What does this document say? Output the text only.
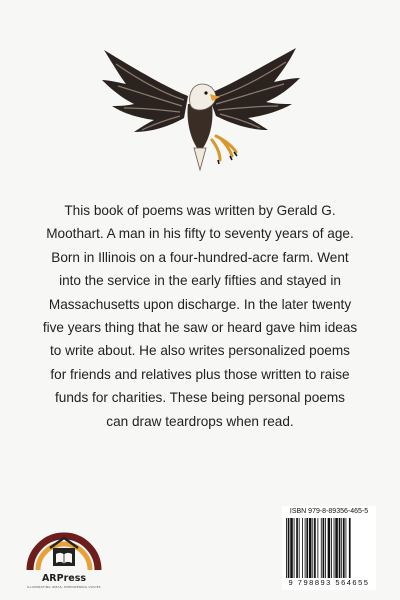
This book of poems was written by Gerald G.
Moothart. A man in his fifty to seventy years of age.
Born in Illinois on a four-hundred-acre farm. Went
into the service in the early fifties and stayed in
Massachusetts upon discharge. In the later twenty
five years thing that he saw or heard gave him ideas
to write about. He also writes personalized poems
for friends and relatives plus those written to raise
funds for charities. These being personal poems
can draw teardrops when read.

ARPress
ILLUMINATING IDEAS, EMPOWERING VOICES
ISBN 979-8-89356-465-5
9 798893 564655
